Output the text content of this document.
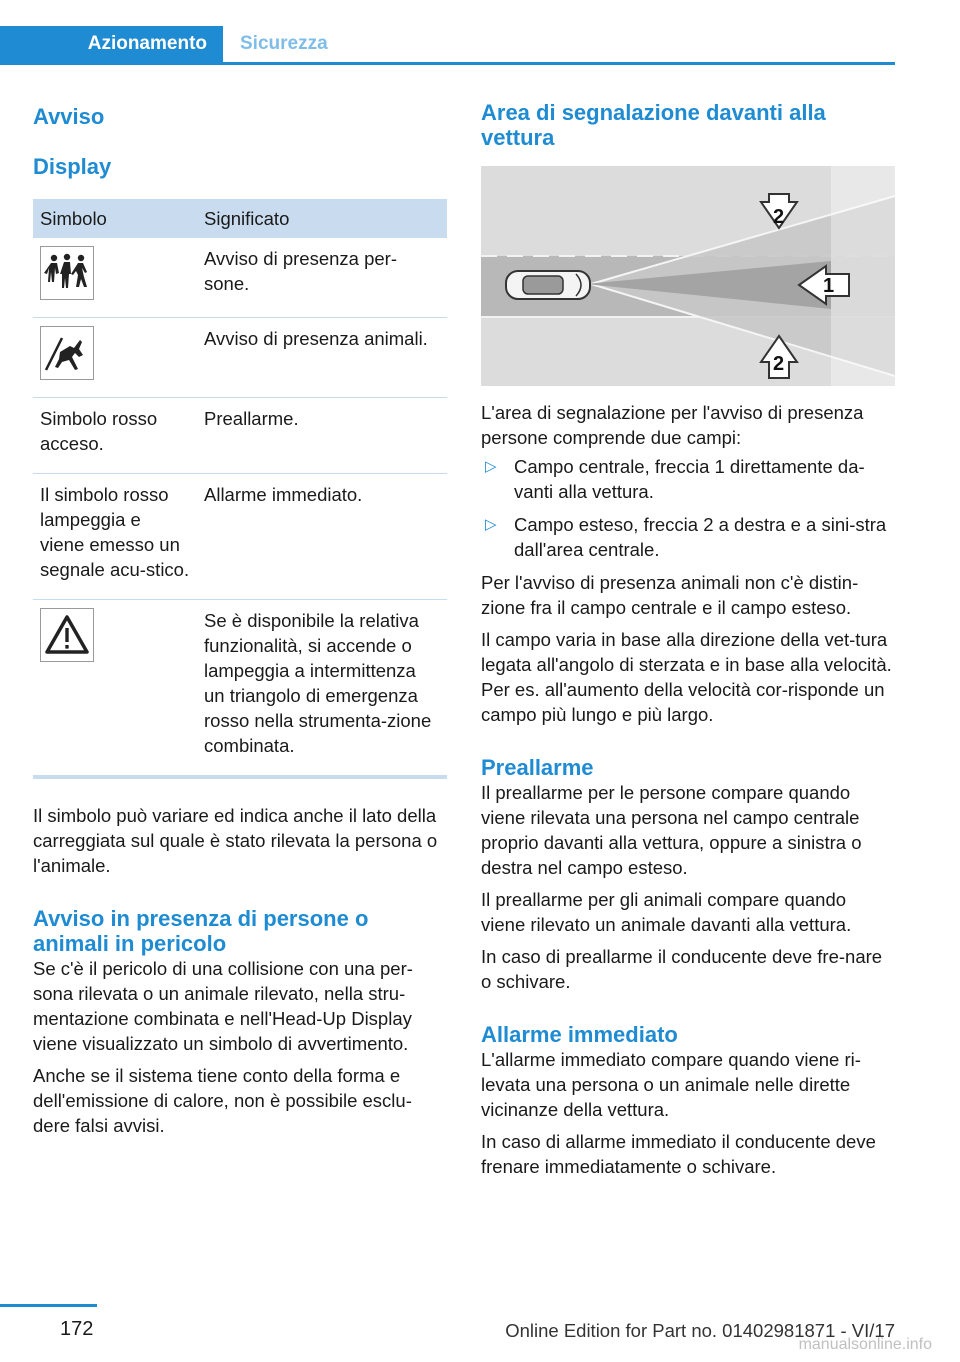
Azionamento Sicurezza
Avviso
Display
Simbolo	Significato

	Avviso di presenza per-sone.

	Avviso di presenza animali.
Simbolo rosso acceso.	Preallarme.
Il simbolo rosso lampeggia e viene emesso un segnale acu-stico.	Allarme immediato.

	Se è disponibile la relativa funzionalità, si accende o lampeggia a intermittenza un triangolo di emergenza rosso nella strumenta-zione combinata.

Il simbolo può variare ed indica anche il lato della carreggiata sul quale è stato rilevata la persona o l'animale.

Avviso in presenza di persone o animali in pericolo

Se c'è il pericolo di una collisione con una per-sona rilevata o un animale rilevato, nella stru-mentazione combinata e nell'Head-Up Display viene visualizzato un simbolo di avvertimento.

Anche se il sistema tiene conto della forma e dell'emissione di calore, non è possibile esclu-dere falsi avvisi.

Area di segnalazione davanti alla vettura
1
2
2

L'area di segnalazione per l'avviso di presenza persone comprende due campi:

▷ Campo centrale, freccia 1 direttamente da-vanti alla vettura.
▷ Campo esteso, freccia 2 a destra e a sini-stra dall'area centrale.

Per l'avviso di presenza animali non c'è distin-zione fra il campo centrale e il campo esteso.

Il campo varia in base alla direzione della vet-tura legata all'angolo di sterzata e in base alla velocità. Per es. all'aumento della velocità cor-risponde un campo più lungo e più largo.

Preallarme

Il preallarme per le persone compare quando viene rilevata una persona nel campo centrale proprio davanti alla vettura, oppure a sinistra o destra nel campo esteso.

Il preallarme per gli animali compare quando viene rilevato un animale davanti alla vettura.

In caso di preallarme il conducente deve fre-nare o schivare.

Allarme immediato

L'allarme immediato compare quando viene ri-levata una persona o un animale nelle dirette vicinanze della vettura.

In caso di allarme immediato il conducente deve frenare immediatamente o schivare.

172	Online Edition for Part no. 01402981871 - VI/17
manualsonline.info
